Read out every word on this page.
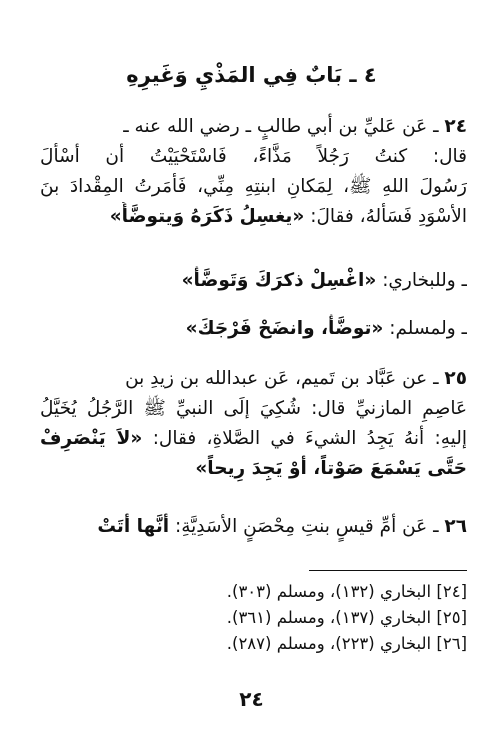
٤ ـ بَابٌ فِي المَذْيِ وَغَيرِهِ
٢٤ ـ عَن عَليِّ بن أبي طالبٍ ـ رضي الله عنه ـ
قال: كنتُ رَجُلاً مَذَّاءً، فَاسْتَحْيَيْتُ أن أسْألَ
رَسُولَ اللهِ ﷺ، لِمَكانِ ابنتِهِ مِنِّي، فَأمَرتُ المِقْدادَ بنَ
الأسْوَدِ فَسَألهُ، فقالَ: «يغسِلُ ذَكَرَهُ وَيتوضَّأُ»
ـ وللبخاري: «اغْسِلْ ذكرَكَ وَتَوضَّأْ»
ـ ولمسلم: «توضَّأْ، وانضَحْ فَرْجَكَ»
٢٥ ـ عن عَبَّاد بن تَميم، عَن عبدالله بن زيدِ بن
عَاصِمِ المازنيِّ قال: شُكِيَ إلَى النبيِّ ﷺ الرَّجُلُ يُخَيَّلُ
إليهِ: أنهُ يَجِدُ الشيءَ في الصَّلاةِ، فقال: «لاَ يَنْصَرِفْ
حَتَّى يَسْمَعَ صَوْتاً، أوْ يَجِدَ رِيحاً»
٢٦ ـ عَن أمِّ قيسٍ بنتِ مِحْصَنٍ الأسَدِيَّةِ: أنَّها أتَتْ
[٢٤] البخاري (١٣٢)، ومسلم (٣٠٣).
[٢٥] البخاري (١٣٧)، ومسلم (٣٦١).
[٢٦] البخاري (٢٢٣)، ومسلم (٢٨٧).
٢٤
